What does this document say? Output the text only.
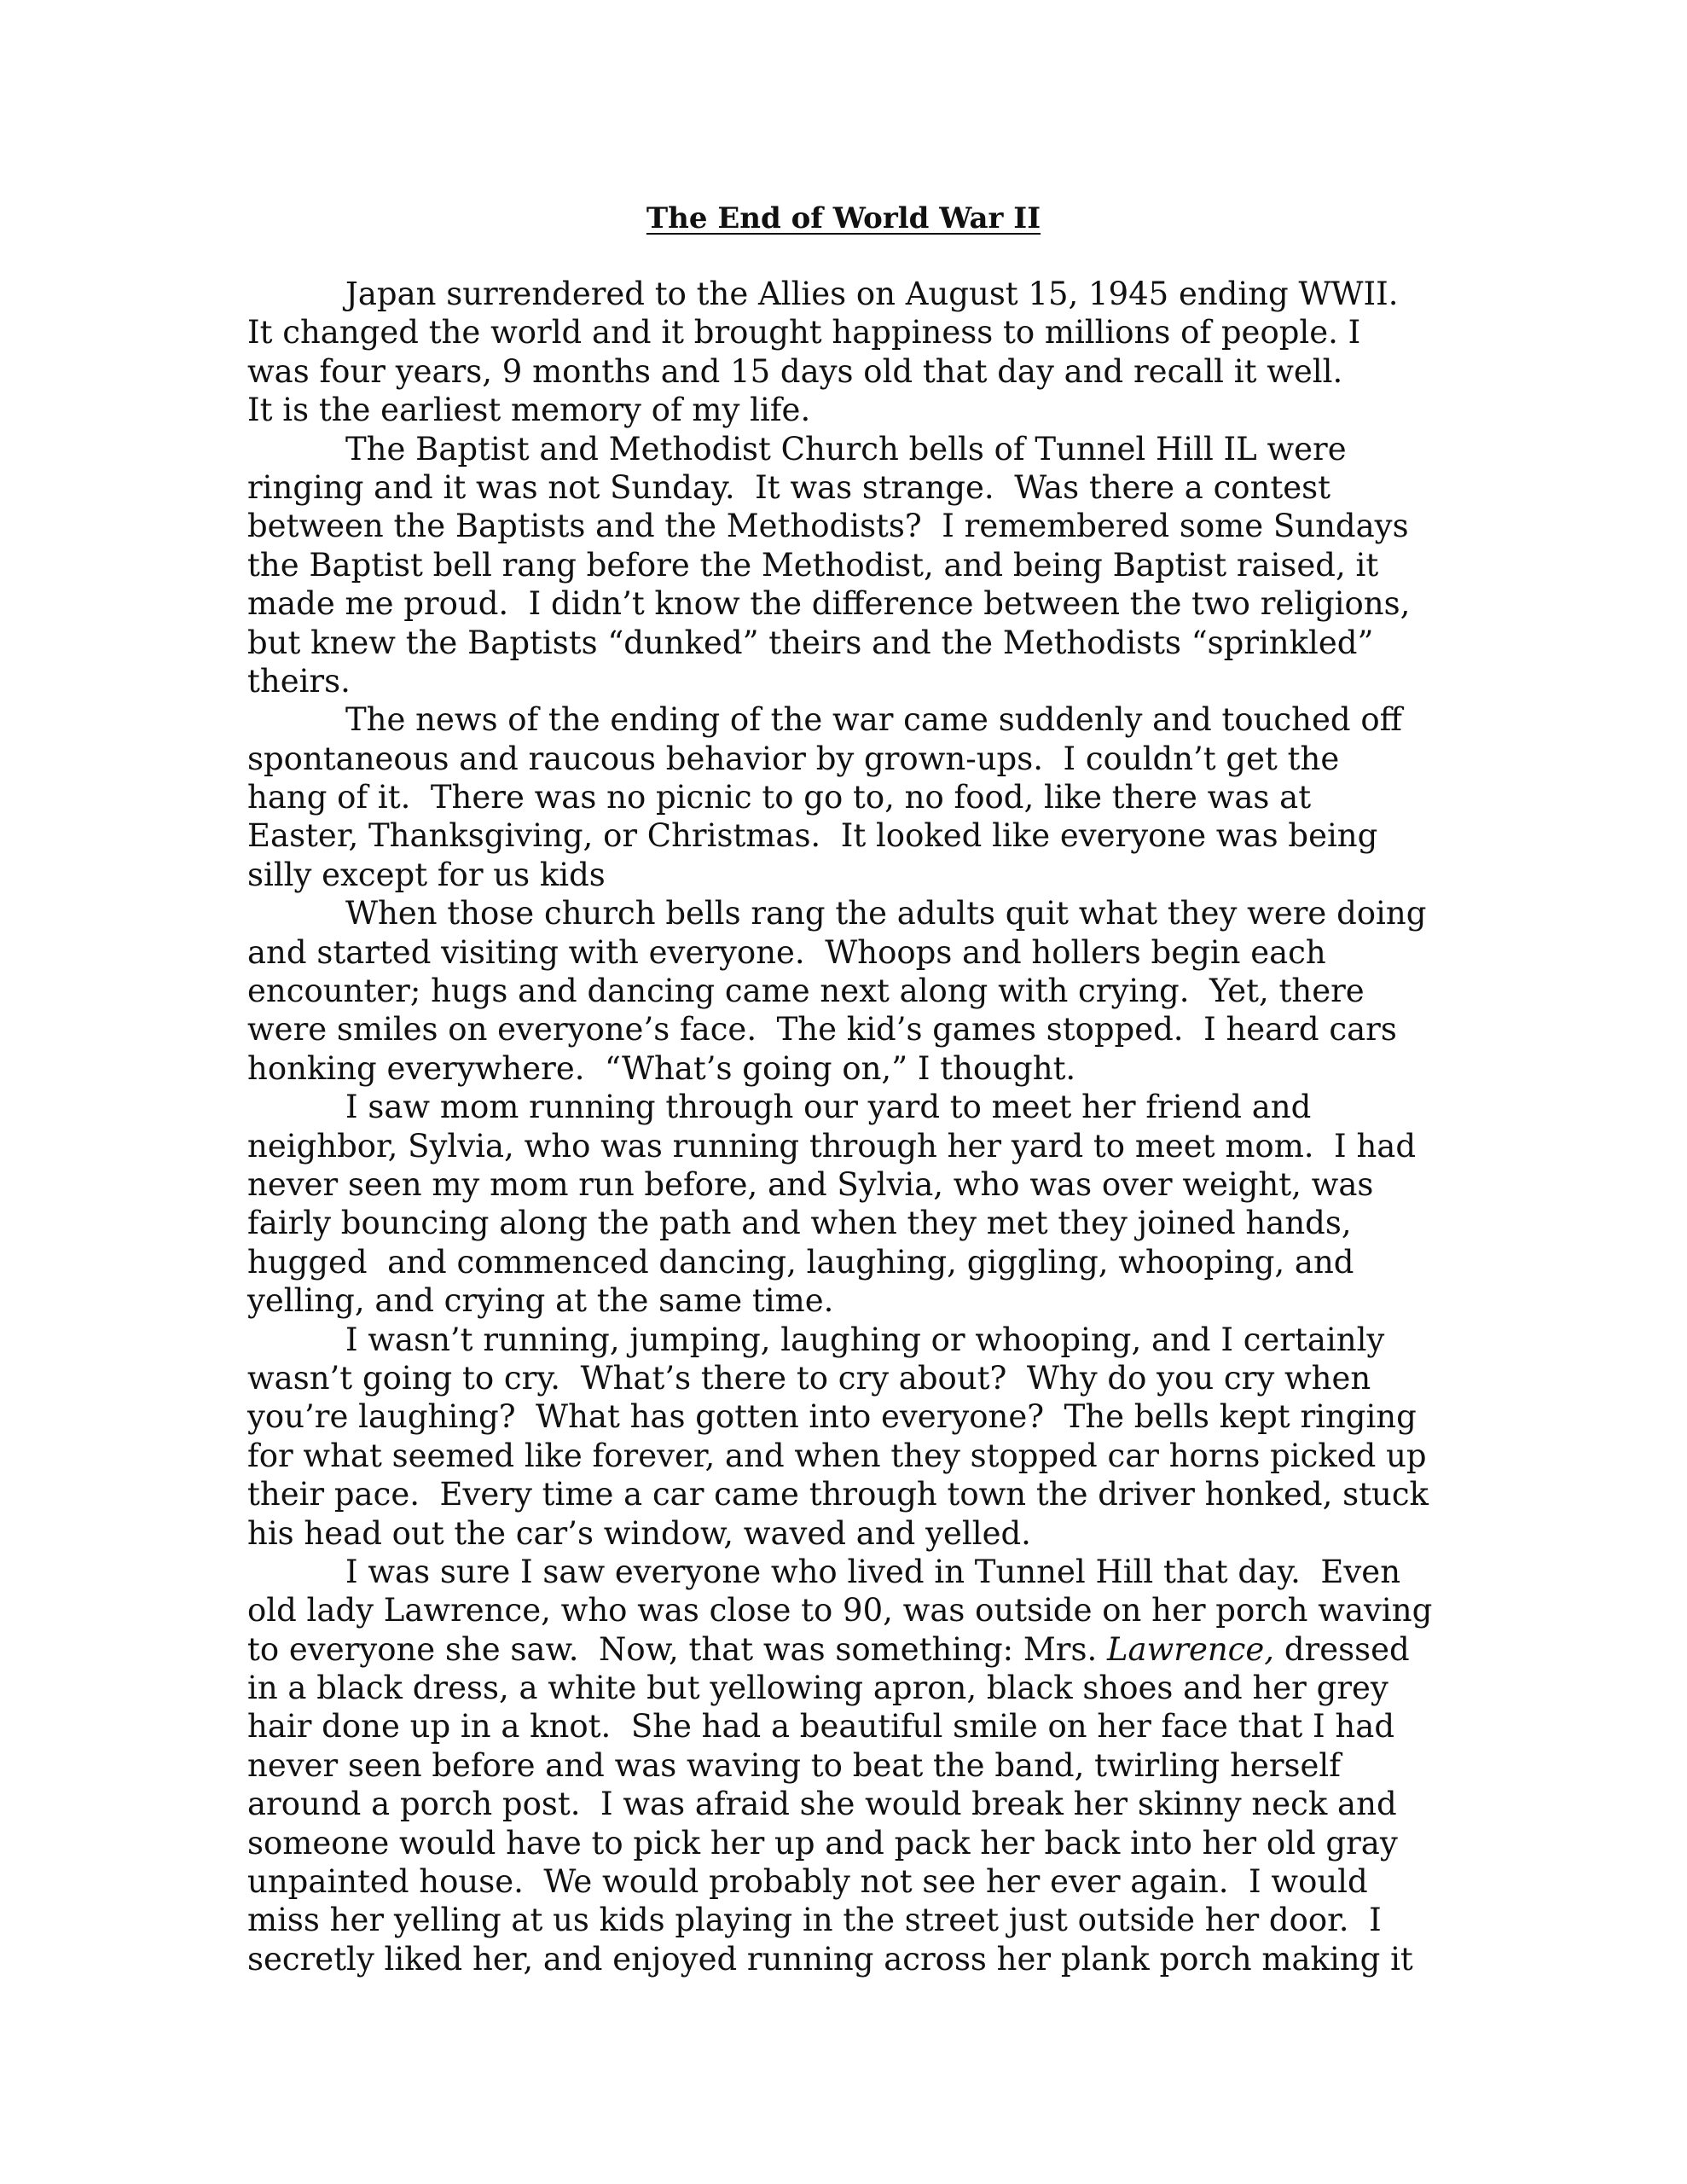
The End of World War II
Japan surrendered to the Allies on August 15, 1945 ending WWII.
It changed the world and it brought happiness to millions of people. I
was four years, 9 months and 15 days old that day and recall it well.
It is the earliest memory of my life.
The Baptist and Methodist Church bells of Tunnel Hill IL were
ringing and it was not Sunday.  It was strange.  Was there a contest
between the Baptists and the Methodists?  I remembered some Sundays
the Baptist bell rang before the Methodist, and being Baptist raised, it
made me proud.  I didn’t know the difference between the two religions,
but knew the Baptists “dunked” theirs and the Methodists “sprinkled”
theirs.
The news of the ending of the war came suddenly and touched off
spontaneous and raucous behavior by grown-ups.  I couldn’t get the
hang of it.  There was no picnic to go to, no food, like there was at
Easter, Thanksgiving, or Christmas.  It looked like everyone was being
silly except for us kids
When those church bells rang the adults quit what they were doing
and started visiting with everyone.  Whoops and hollers begin each
encounter; hugs and dancing came next along with crying.  Yet, there
were smiles on everyone’s face.  The kid’s games stopped.  I heard cars
honking everywhere.  “What’s going on,” I thought.
I saw mom running through our yard to meet her friend and
neighbor, Sylvia, who was running through her yard to meet mom.  I had
never seen my mom run before, and Sylvia, who was over weight, was
fairly bouncing along the path and when they met they joined hands,
hugged  and commenced dancing, laughing, giggling, whooping, and
yelling, and crying at the same time.
I wasn’t running, jumping, laughing or whooping, and I certainly
wasn’t going to cry.  What’s there to cry about?  Why do you cry when
you’re laughing?  What has gotten into everyone?  The bells kept ringing
for what seemed like forever, and when they stopped car horns picked up
their pace.  Every time a car came through town the driver honked, stuck
his head out the car’s window, waved and yelled.
I was sure I saw everyone who lived in Tunnel Hill that day.  Even
old lady Lawrence, who was close to 90, was outside on her porch waving
to everyone she saw.  Now, that was something: Mrs. Lawrence, dressed
in a black dress, a white but yellowing apron, black shoes and her grey
hair done up in a knot.  She had a beautiful smile on her face that I had
never seen before and was waving to beat the band, twirling herself
around a porch post.  I was afraid she would break her skinny neck and
someone would have to pick her up and pack her back into her old gray
unpainted house.  We would probably not see her ever again.  I would
miss her yelling at us kids playing in the street just outside her door.  I
secretly liked her, and enjoyed running across her plank porch making it
